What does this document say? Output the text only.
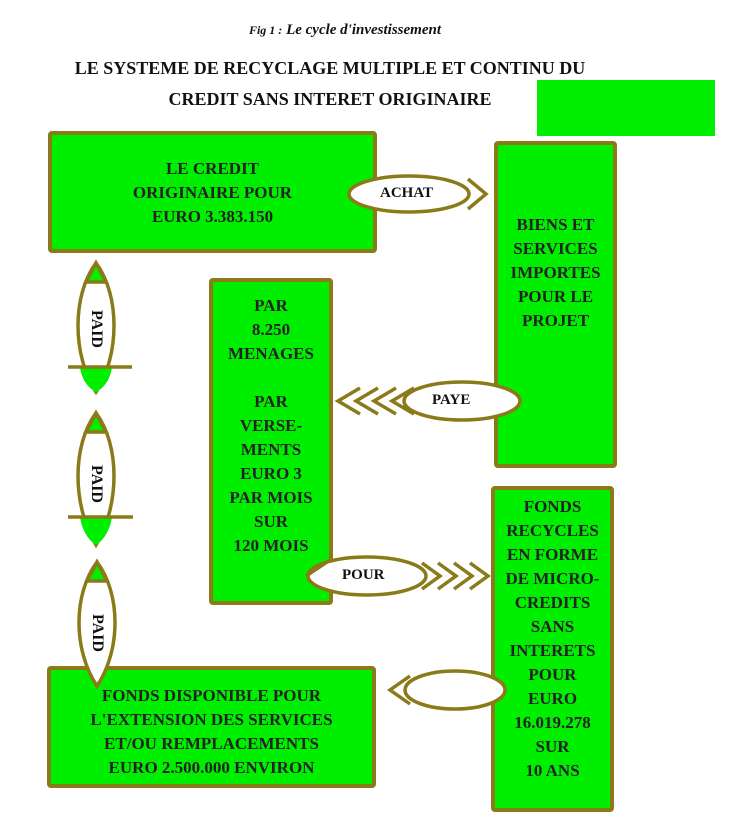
Fig 1 : Le cycle d'investissement
LE SYSTEME DE RECYCLAGE MULTIPLE ET CONTINU DU
CREDIT SANS INTERET ORIGINAIRE
LE CREDIT
ORIGINAIRE POUR
EURO 3.383.150	BIENS ET
SERVICES
IMPORTES
POUR LE
PROJET
PAR
8.250
MENAGES
PAR
VERSE-
MENTS
EURO 3
PAR MOIS
SUR
120 MOIS
FONDS
RECYCLES
EN FORME
DE MICRO-
CREDITS
SANS
INTERETS
POUR
EURO
16.019.278
SUR
10 ANS
FONDS DISPONIBLE POUR
L'EXTENSION DES SERVICES
ET/OU REMPLACEMENTS
EURO 2.500.000 ENVIRON
ACHAT
PAYE
POUR
PAID
PAID
PAID
